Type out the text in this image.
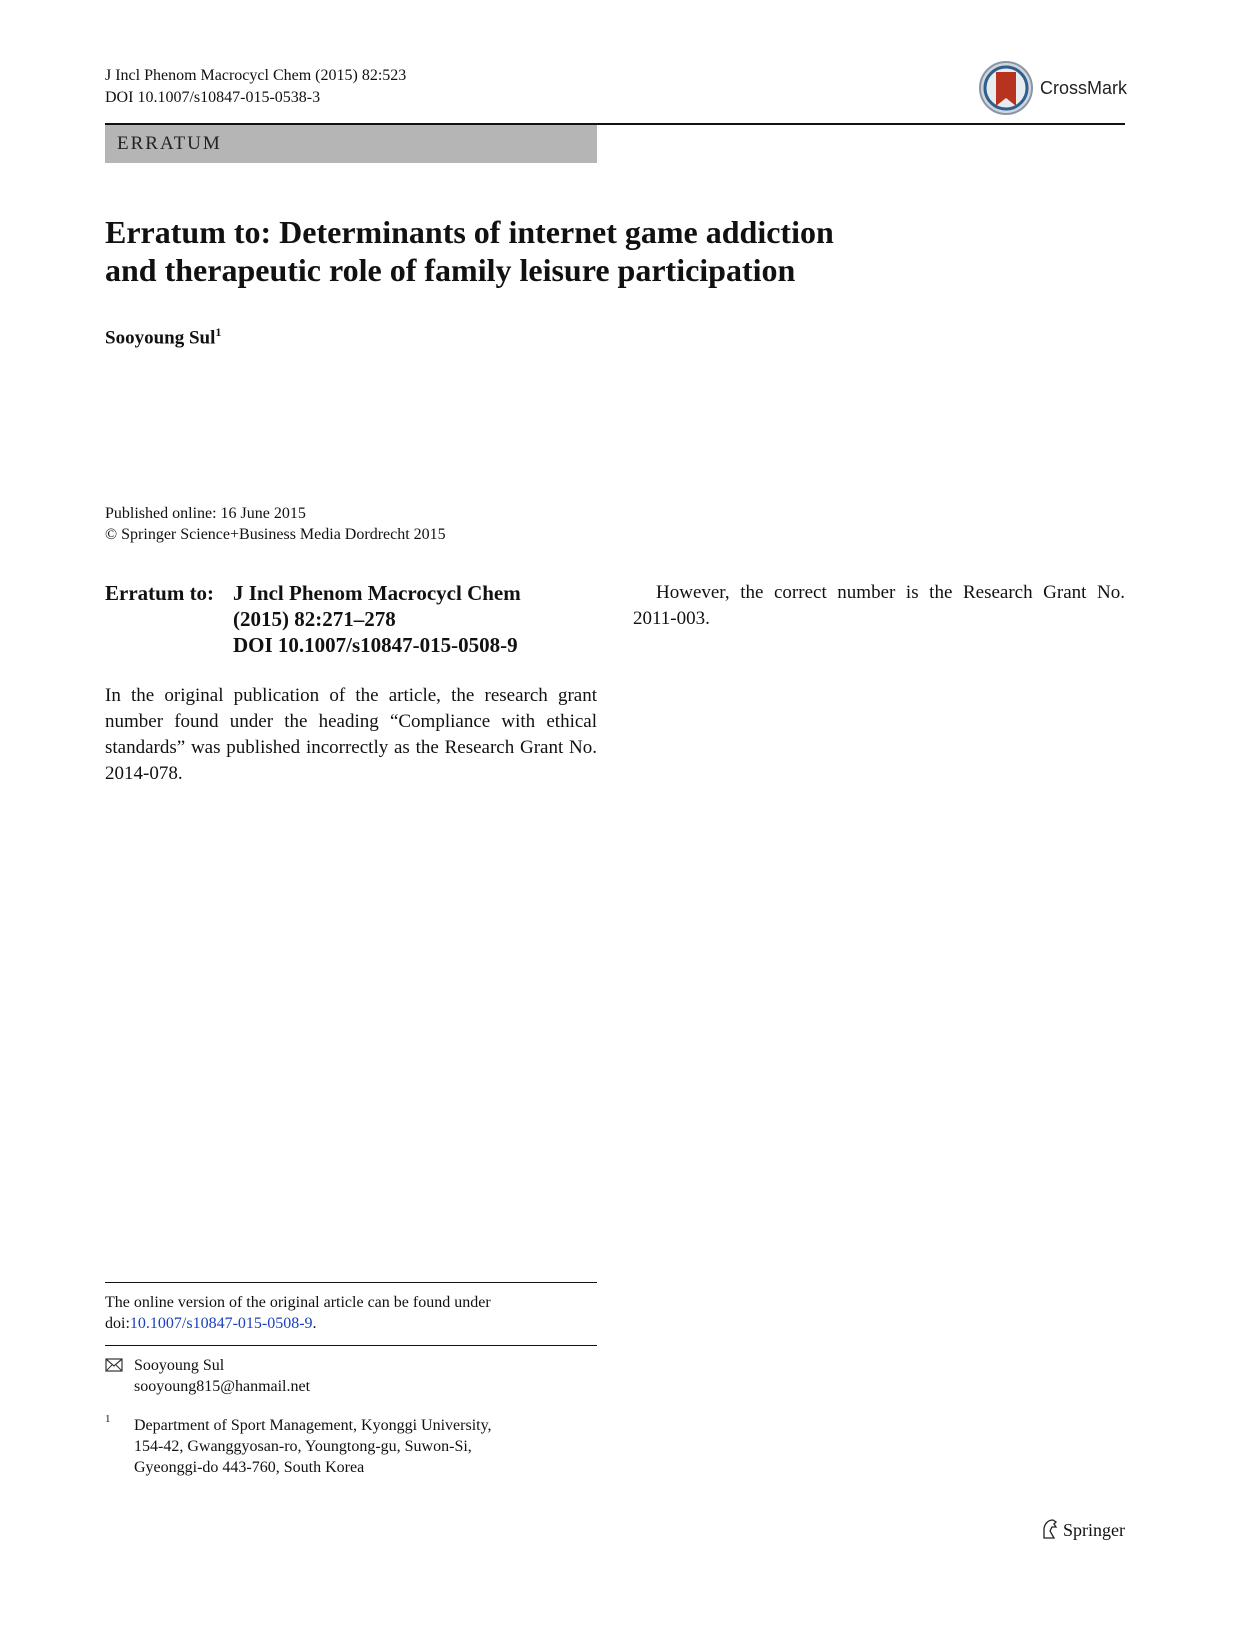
J Incl Phenom Macrocycl Chem (2015) 82:523
DOI 10.1007/s10847-015-0538-3	CrossMark
ERRATUM
Erratum to: Determinants of internet game addiction
and therapeutic role of family leisure participation
Sooyoung Sul$^1$
Published online: 16 June 2015
© Springer Science+Business Media Dordrecht 2015
Erratum to: J Incl Phenom Macrocycl Chem
(2015) 82:271–278
DOI 10.1007/s10847-015-0508-9

In the original publication of the article, the research grant number found under the heading “Compliance with ethical standards” was published incorrectly as the Research Grant No. 2014-078.

However, the correct number is the Research Grant No. 2011-003.

The online version of the original article can be found under
doi:10.1007/s10847-015-0508-9.
Sooyoung Sul
sooyoung815@hanmail.net
1 Department of Sport Management, Kyonggi University,
154-42, Gwanggyosan-ro, Youngtong-gu, Suwon-Si,
Gyeonggi-do 443-760, South Korea
Springer
